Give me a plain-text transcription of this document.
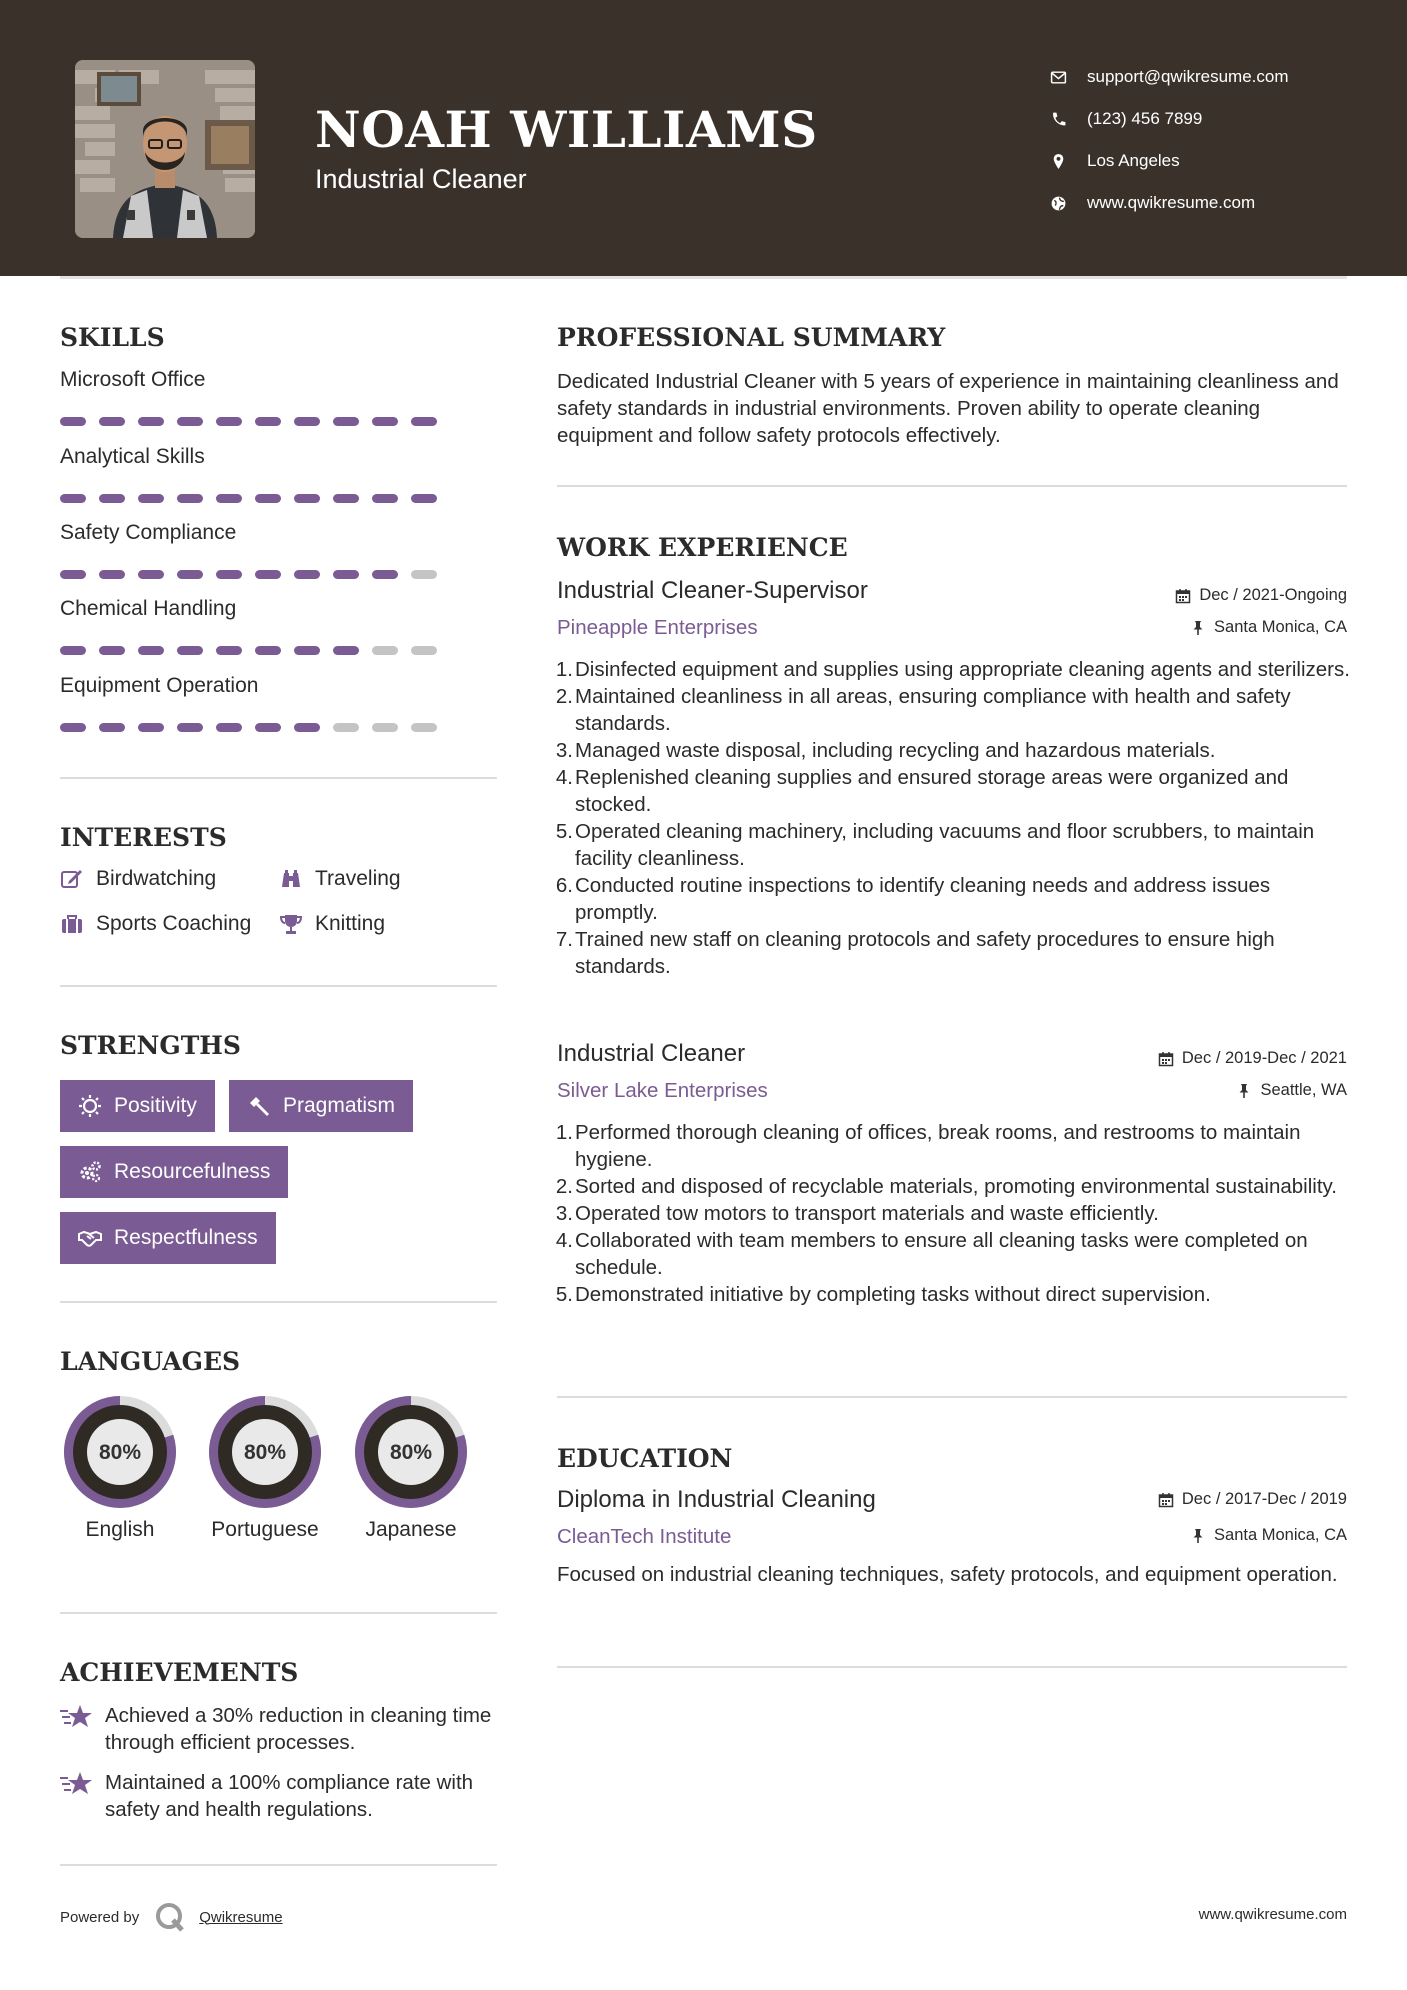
NOAH WILLIAMS
Industrial Cleaner
support@qwikresume.com
(123) 456 7899
Los Angeles
www.qwikresume.com
SKILLS
Microsoft Office
Analytical Skills
Safety Compliance
Chemical Handling
Equipment Operation
INTERESTS
Birdwatching	Traveling
Sports Coaching	Knitting
STRENGTHS
Positivity	Pragmatism
Resourcefulness
Respectfulness
LANGUAGES
80%
English
80%
Portuguese
80%
Japanese
ACHIEVEMENTS
Achieved a 30% reduction in cleaning time through efficient processes.
Maintained a 100% compliance rate with safety and health regulations.
PROFESSIONAL SUMMARY
Dedicated Industrial Cleaner with 5 years of experience in maintaining cleanliness and safety standards in industrial environments. Proven ability to operate cleaning equipment and follow safety protocols effectively.
WORK EXPERIENCE
Industrial Cleaner-Supervisor	Dec / 2021-Ongoing
Pineapple Enterprises	Santa Monica, CA
1. Disinfected equipment and supplies using appropriate cleaning agents and sterilizers.
2. Maintained cleanliness in all areas, ensuring compliance with health and safety standards.
3. Managed waste disposal, including recycling and hazardous materials.
4. Replenished cleaning supplies and ensured storage areas were organized and stocked.
5. Operated cleaning machinery, including vacuums and floor scrubbers, to maintain facility cleanliness.
6. Conducted routine inspections to identify cleaning needs and address issues promptly.
7. Trained new staff on cleaning protocols and safety procedures to ensure high standards.
Industrial Cleaner	Dec / 2019-Dec / 2021
Silver Lake Enterprises	Seattle, WA
1. Performed thorough cleaning of offices, break rooms, and restrooms to maintain hygiene.
2. Sorted and disposed of recyclable materials, promoting environmental sustainability.
3. Operated tow motors to transport materials and waste efficiently.
4. Collaborated with team members to ensure all cleaning tasks were completed on schedule.
5. Demonstrated initiative by completing tasks without direct supervision.
EDUCATION
Diploma in Industrial Cleaning	Dec / 2017-Dec / 2019
CleanTech Institute	Santa Monica, CA
Focused on industrial cleaning techniques, safety protocols, and equipment operation.
Powered by	Qwikresume	www.qwikresume.com
